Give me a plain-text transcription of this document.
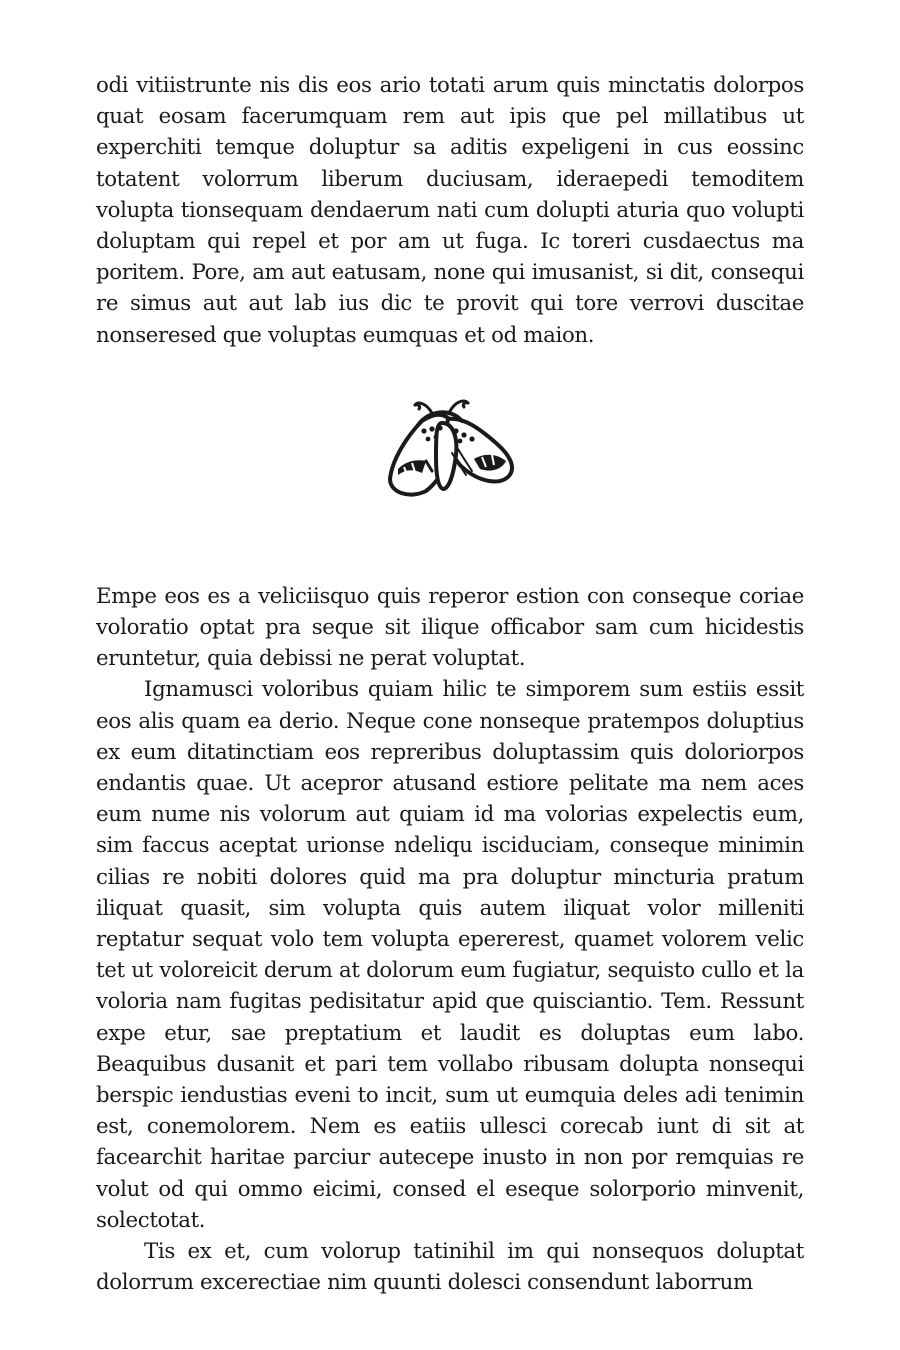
odi vitiistrunte nis dis eos ario totati arum quis minctatis dolorpos quat eosam facerumquam rem aut ipis que pel millatibus ut experchiti temque doluptur sa aditis expeligeni in cus eossinc totatent volorrum liberum duciusam, ideraepedi temoditem volupta tionsequam dendaerum nati cum dolupti aturia quo volupti doluptam qui repel et por am ut fuga. Ic toreri cusdaectus ma poritem. Pore, am aut eatusam, none qui imusanist, si dit, consequi re simus aut aut lab ius dic te provit qui tore verrovi duscitae nonseresed que voluptas eumquas et od maion.

Empe eos es a veliciisquo quis reperor estion con conseque coriae voloratio optat pra seque sit ilique officabor sam cum hicidestis eruntetur, quia debissi ne perat voluptat.

Ignamusci voloribus quiam hilic te simporem sum estiis essit eos alis quam ea derio. Neque cone nonseque pratempos doluptius ex eum ditatinctiam eos repreribus doluptassim quis doloriorpos endantis quae. Ut acepror atusand estiore pelitate ma nem aces eum nume nis volorum aut quiam id ma volorias expelectis eum, sim faccus aceptat urionse ndeliqu isciduciam, conseque minimin cilias re nobiti dolores quid ma pra doluptur mincturia pratum iliquat quasit, sim volupta quis autem iliquat volor milleniti reptatur sequat volo tem volupta epererest, quamet volorem velic tet ut voloreicit derum at dolorum eum fugiatur, sequisto cullo et la voloria nam fugitas pedisitatur apid que quisciantio. Tem. Ressunt expe etur, sae preptatium et laudit es doluptas eum labo. Beaquibus dusanit et pari tem vollabo ribusam dolupta nonsequi berspic iendustias eveni to incit, sum ut eumquia deles adi tenimin est, conemolorem. Nem es eatiis ullesci corecab iunt di sit at facearchit haritae parciur autecepe inusto in non por remquias re volut od qui ommo eicimi, consed el eseque solorporio minvenit, solectotat.

Tis ex et, cum volorup tatinihil im qui nonsequos doluptat dolorrum excerectiae nim quunti dolesci consendunt laborrum
